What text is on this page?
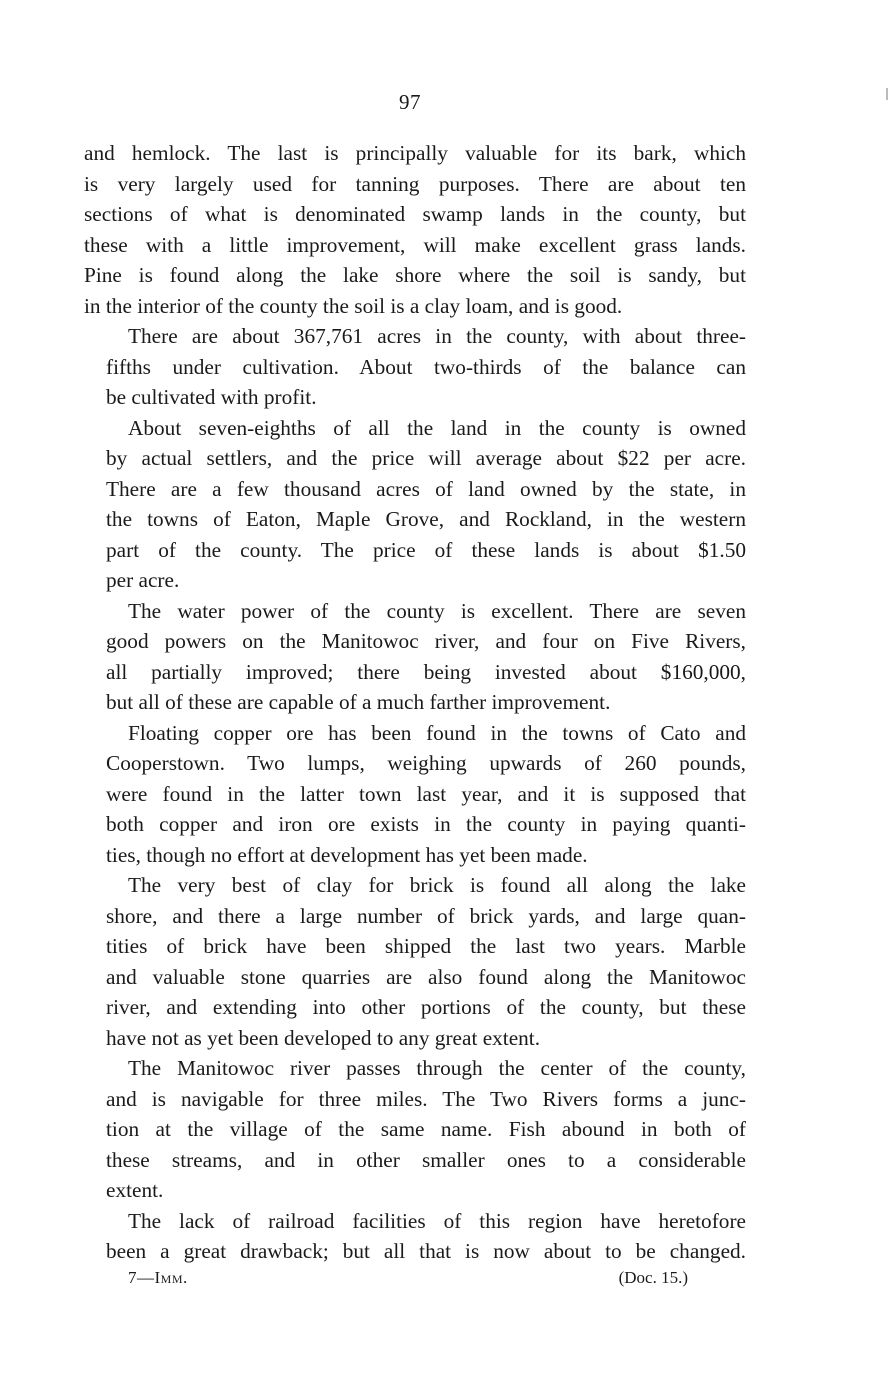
97
and hemlock. The last is principally valuable for its bark, which
is very largely used for tanning purposes. There are about ten
sections of what is denominated swamp lands in the county, but
these with a little improvement, will make excellent grass lands.
Pine is found along the lake shore where the soil is sandy, but
in the interior of the county the soil is a clay loam, and is good.
There are about 367,761 acres in the county, with about three-
fifths under cultivation. About two-thirds of the balance can
be cultivated with profit.
About seven-eighths of all the land in the county is owned
by actual settlers, and the price will average about $22 per acre.
There are a few thousand acres of land owned by the state, in
the towns of Eaton, Maple Grove, and Rockland, in the western
part of the county. The price of these lands is about $1.50
per acre.
The water power of the county is excellent. There are seven
good powers on the Manitowoc river, and four on Five Rivers,
all partially improved; there being invested about $160,000,
but all of these are capable of a much farther improvement.
Floating copper ore has been found in the towns of Cato and
Cooperstown. Two lumps, weighing upwards of 260 pounds,
were found in the latter town last year, and it is supposed that
both copper and iron ore exists in the county in paying quanti-
ties, though no effort at development has yet been made.
The very best of clay for brick is found all along the lake
shore, and there a large number of brick yards, and large quan-
tities of brick have been shipped the last two years. Marble
and valuable stone quarries are also found along the Manitowoc
river, and extending into other portions of the county, but these
have not as yet been developed to any great extent.
The Manitowoc river passes through the center of the county,
and is navigable for three miles. The Two Rivers forms a junc-
tion at the village of the same name. Fish abound in both of
these streams, and in other smaller ones to a considerable
extent.
The lack of railroad facilities of this region have heretofore
been a great drawback; but all that is now about to be changed.
7—Imm.	(Doc. 15.)
